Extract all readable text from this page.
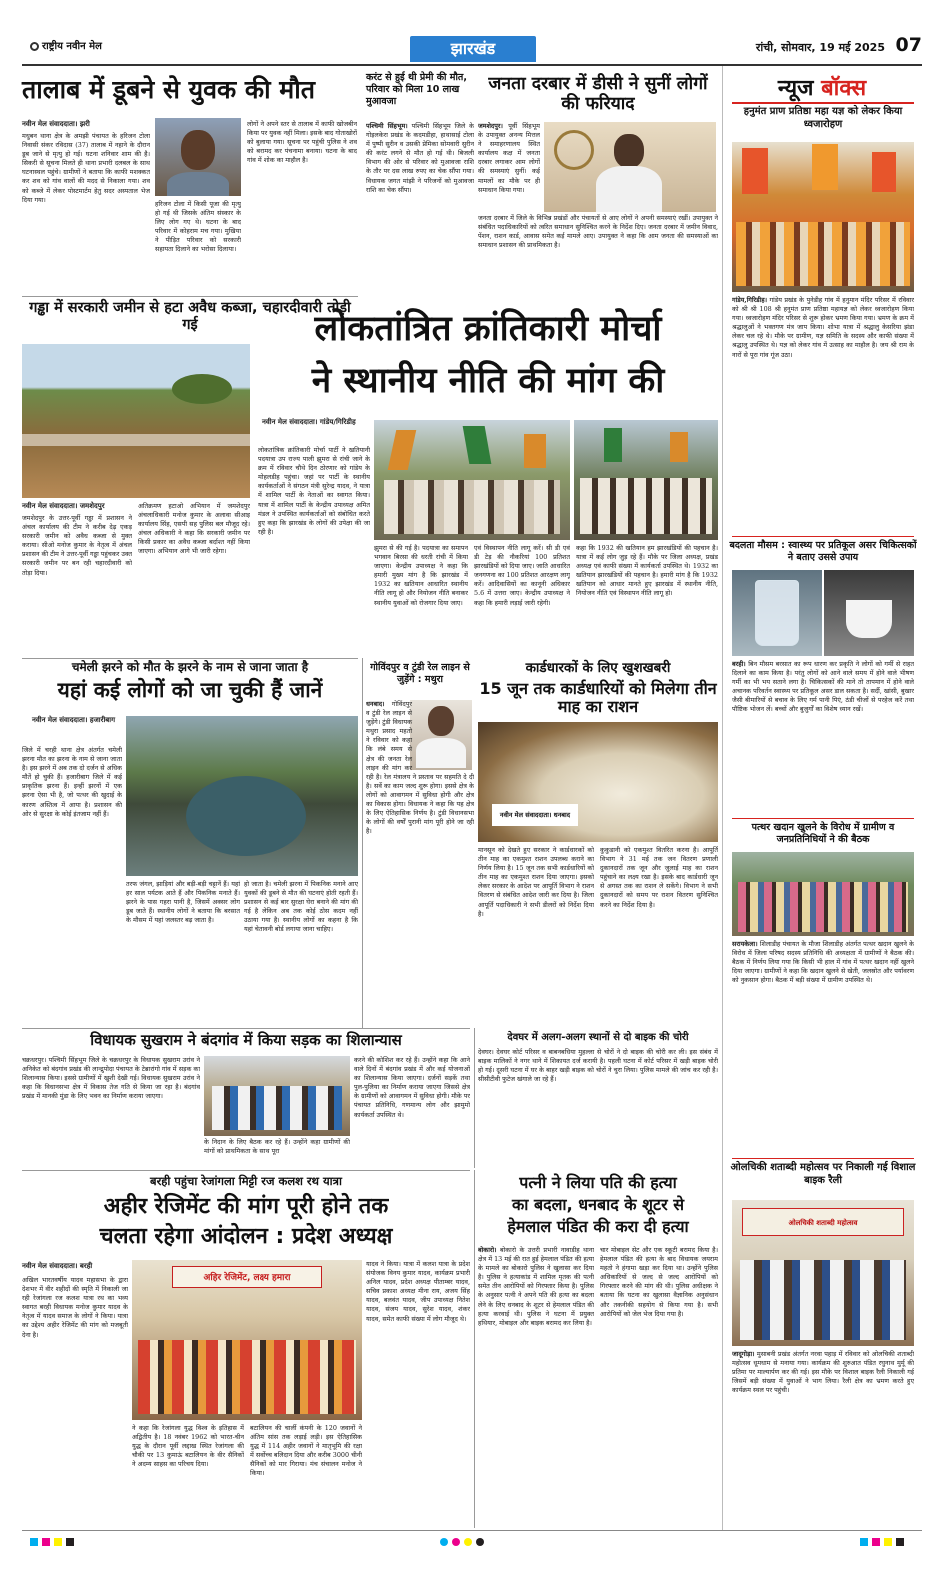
राष्ट्रीय नवीन मेल	झारखंड	रांची, सोमवार, 19 मई 2025 07
तालाब में डूबने से युवक की मौत
नवीन मेल संवाददाता। झरी
मधुबन थाना क्षेत्र के अमझी पंचायत के हरिजन टोला निवासी संकर रविदास (37) तालाब में नहाने के दौरान डूब जाने से मृत्यु हो गई। घटना शनिवार शाम की है। सिकरी से सूचना मिलते ही थाना प्रभारी दलबल के साथ घटनास्थल पहुंचे। ग्रामीणों ने बताया कि काफी मशक्कत कर शव को गांव वालों की मदद से निकाला गया। शव को कब्जे में लेकर पोस्टमार्टम हेतु सदर अस्पताल भेज दिया गया।
हरिजन टोला में किसी पूजा की मृत्यु हो गई थी जिसके अंतिम संस्कार के लिए लोग गए थे। घटना के बाद परिवार में कोहराम मच गया। मुखिया ने पीड़ित परिवार को सरकारी सहायता दिलाने का भरोसा दिलाया।
लोगों ने अपने स्तर से तालाब में काफी खोजबीन किया पर युवक नहीं मिला। इसके बाद गोताखोरों को बुलाया गया। सूचना पर पहुंची पुलिस ने शव को बरामद कर पंचनामा बनाया। घटना के बाद गांव में शोक का माहौल है।
करंट से हुई थी प्रेमी की मौत, परिवार को मिला 10 लाख मुआवजा
पश्चिमी सिंहभूम। पश्चिमी सिंहभूम जिले के गोइलकेरा प्रखंड के कदमडीहा, हाथासाई टोला में पुष्पी सुरीन व उसकी प्रेमिका सोमवारी सुरीन की करंट लगने से मौत हो गई थी। बिजली विभाग की ओर से परिवार को मुआवजा राशि के तौर पर दस लाख रुपए का चेक सौंपा गया। विधायक जगत मांझी ने परिजनों को मुआवजा राशि का चेक सौंपा।
जनता दरबार में डीसी ने सुनीं लोगों की फरियाद
जमशेदपुर। पूर्वी सिंहभूम के उपायुक्त अनन्य मित्तल ने समाहरणालय स्थित कार्यालय कक्ष में जनता दरबार लगाकर आम लोगों की समस्याएं सुनीं। कई मामलों का मौके पर ही समाधान किया गया।
जनता दरबार में जिले के विभिन्न प्रखंडों और पंचायतों से आए लोगों ने अपनी समस्याएं रखीं। उपायुक्त ने संबंधित पदाधिकारियों को त्वरित समाधान सुनिश्चित करने के निर्देश दिए। जनता दरबार में जमीन विवाद, पेंशन, राशन कार्ड, आवास समेत कई मामले आए। उपायुक्त ने कहा कि आम जनता की समस्याओं का समाधान प्रशासन की प्राथमिकता है।
गड्ढा में सरकारी जमीन से हटा अवैध कब्जा, चहारदीवारी तोड़ी गई
नवीन मेल संवाददाता। जमशेदपुर
जमशेदपुर के उत्तर-पूर्वी गड्ढा में प्रशासन ने अंचल कार्यालय की टीम ने करीब देढ़ एकड़ सरकारी जमीन को अवैध कब्जा से मुक्त कराया। सीओ मनोज कुमार के नेतृत्व में अंचल प्रशासन की टीम ने उत्तर-पूर्वी गड्ढा पहुंचकर उक्त सरकारी जमीन पर बन रही चहारदीवारी को तोड़ा दिया।
अतिक्रमण हटाओ अभियान में जमशेदपुर अंचलाधिकारी मनोज कुमार के अलावा सीआइ कार्यालय सिंह, एसपी सह पुलिस बल मौजूद रहे। अंचल अधिकारी ने कहा कि सरकारी जमीन पर किसी प्रकार का अवैध कब्जा बर्दाश्त नहीं किया जाएगा। अभियान आगे भी जारी रहेगा।
लोकतांत्रित क्रांतिकारी मोर्चा
ने स्थानीय नीति की मांग की
नवीन मेल संवाददाता। गांडेय/गिरिडीह
लोकतांत्रिक क्रांतिकारी मोर्चा पार्टी ने खतियानी पदयात्रा उप राज्य पाली झुमरा से रांची जाने के क्रम में रविवार चौथे दिन ठोरणार को गांडेय के मोहलडीह पहुंचा। जहां पर पार्टी के स्थानीय कार्यकर्ताओं ने संगठन मंत्री सुरेन्द्र यादव, ने यात्रा में शामिल पार्टी के नेताओं का स्वागत किया। यात्रा में शामिल पार्टी के केन्द्रीय उपाध्यक्ष अमित मंडल ने उपस्थित कार्यकर्ताओं को संबोधित करते हुए कहा कि झारखंड के लोगों की उपेक्षा की जा रही है।
झुमरा से की गई है। पदयात्रा का समापन भगवान बिरसा की धरती रांची में किया जाएगा। केन्द्रीय उपाध्यक्ष ने कहा कि हमारी मुख्य मांग है कि झारखंड में 1932 का खतियान आधारित स्थानीय नीति लागू हो और नियोजन नीति बनाकर स्थानीय युवाओं को रोजगार दिया जाए।
एवं विस्थापन नीति लागू करें। सी डी एवं डी टेड़ की नौकरियां 100 प्रतिशत झारखंडियों को दिया जाए। जाति आधारित जनगणना का 100 प्रतिशत आरक्षण लागू करें। आदिवासियों का कानूनी अधिकार 5.6 में उत्तरा जाए। केन्द्रीय उपाध्यक्ष ने कहा कि हमारी लड़ाई जारी रहेगी।
कहा कि 1932 की खतियान हम झारखंडियों की पहचान है। यात्रा में कई लोग जुड़ रहे हैं। मौके पर जिला अध्यक्ष, प्रखंड अध्यक्ष एवं काफी संख्या में कार्यकर्ता उपस्थित थे। 1932 का खतियान झारखंडियों की पहचान है। हमारी मांग है कि 1932 खतियान को आधार मानते हुए झारखंड में स्थानीय नीति, नियोजन नीति एवं विस्थापन नीति लागू हो।
न्यूज बॉक्स
हनुमंत प्राण प्रतिष्ठा महा यज्ञ को लेकर किया ध्वजारोहण
गांडेय,गिरिडीह। गांडेय प्रखंड के पुनेडीह गांव में हनुमान मंदिर परिसर में रविवार को श्री श्री 108 श्री हनुमंत प्राण प्रतिष्ठा महायज्ञ को लेकर ध्वजारोहण किया गया। ध्वजारोहण मंदिर परिसर से शुरू होकर भ्रमण किया गया। भ्रमण के क्रम में श्रद्धालुओं ने भक्तगण मंत्र जाप किया। शोभा यात्रा में श्रद्धालु केसरिया झंडा लेकर चल रहे थे। मौके पर ग्रामीण, यज्ञ समिति के सदस्य और काफी संख्या में श्रद्धालु उपस्थित थे। यज्ञ को लेकर गांव में उत्साह का माहौल है। जय श्री राम के नारों से पूरा गांव गूंज उठा।
बदलता मौसम : स्वास्थ्य पर प्रतिकूल असर चिकित्सकों ने बताए उससे उपाय
बरही। बिन मौसम बरसात का रूप धारण कर प्रकृति ने लोगों को गर्मी से राहत दिलाने का काम किया है। परंतु लोगों को आने वाले समय में होने वाले भीषण गर्मी का भी भय सताने लगा है। चिकित्सकों की माने तो तापमान में होने वाले अचानक परिवर्तन स्वास्थ्य पर प्रतिकूल असर डाल सकता है। सर्दी, खांसी, बुखार जैसी बीमारियों से बचाव के लिए गर्म पानी पिएं, ठंडी चीजों से परहेज करें तथा पौष्टिक भोजन लें। बच्चों और बुजुर्गों का विशेष ध्यान रखें।
पत्थर खदान खुलने के विरोध में ग्रामीण व जनप्रतिनिधियों ने की बैठक
सरायकेला। शिलाडीह पंचायत के मौजा शिलाडीह अंतर्गत पत्थर खदान खुलने के विरोध में जिला परिषद सदस्य प्रतिनिधि की अध्यक्षता में ग्रामीणों ने बैठक की। बैठक में निर्णय लिया गया कि किसी भी हाल में गांव में पत्थर खदान नहीं खुलने दिया जाएगा। ग्रामीणों ने कहा कि खदान खुलने से खेती, जलस्रोत और पर्यावरण को नुकसान होगा। बैठक में बड़ी संख्या में ग्रामीण उपस्थित थे।
ओलचिकी शताब्दी महोत्सव पर निकाली गई विशाल बाइक रैली
ओलचिकी शताब्दी महोत्सव
जादूगोड़ा। मुसाबनी प्रखंड अंतर्गत नरवा पहाड़ में रविवार को ओलचिकी शताब्दी महोत्सव धूमधाम से मनाया गया। कार्यक्रम की शुरुआत पंडित रघुनाथ मुर्मू की प्रतिमा पर माल्यार्पण कर की गई। इस मौके पर विशाल बाइक रैली निकाली गई जिसमें बड़ी संख्या में युवाओं ने भाग लिया। रैली क्षेत्र का भ्रमण करते हुए कार्यक्रम स्थल पर पहुंची।
चमेली झरने को मौत के झरने के नाम से जाना जाता है
यहां कई लोगों को जा चुकी हैं जानें
नवीन मेल संवाददाता। हजारीबाग
जिले में चरही थाना क्षेत्र अंतर्गत चमेली झरना मौत का झरना के नाम से जाना जाता है। इस झरने में अब तक दो दर्जन से अधिक मौतें हो चुकी हैं। हजारीबाग जिले में कई प्राकृतिक झरना हैं। इन्हीं झरनों में एक झरना ऐसा भी है, जो पत्थर की खुदाई के कारण अस्तित्व में आया है। प्रशासन की ओर से सुरक्षा के कोई इंतजाम नहीं हैं।
तरफ जंगल, झाड़ियां और बड़ी-बड़ी चट्टानें हैं। यहां हर साल पर्यटक आते हैं और पिकनिक मनाते हैं। झरने के पास गहरा पानी है, जिसमें अक्सर लोग डूब जाते हैं। स्थानीय लोगों ने बताया कि बरसात के मौसम में यहां जलस्तर बढ़ जाता है।
हो जाता है। चमेली झरना में पिकनिक मनाने आए युवकों की डूबने से मौत की घटनाएं होती रहती हैं। प्रशासन से कई बार सुरक्षा घेरा बनाने की मांग की गई है लेकिन अब तक कोई ठोस कदम नहीं उठाया गया है। स्थानीय लोगों का कहना है कि यहां चेतावनी बोर्ड लगाया जाना चाहिए।
गोविंदपुर व टुंडी रेल लाइन से जुड़ेंगे : मथुरा
धनबाद। गोविंदपुर व टुंडी रेल लाइन से जुड़ेंगे। टुंडी विधायक मथुरा प्रसाद महतो ने रविवार को कहा कि लंबे समय से क्षेत्र की जनता रेल लाइन की मांग कर रही है। रेल मंत्रालय ने प्रस्ताव पर सहमति दे दी है। सर्वे का काम जल्द शुरू होगा। इससे क्षेत्र के लोगों को आवागमन में सुविधा होगी और क्षेत्र का विकास होगा। विधायक ने कहा कि यह क्षेत्र के लिए ऐतिहासिक निर्णय है। टुंडी विधानसभा के लोगों की वर्षों पुरानी मांग पूरी होने जा रही है।
कार्डधारकों के लिए खुशखबरी
15 जून तक कार्डधारियों को मिलेगा तीन माह का राशन
नवीन मेल संवाददाता। धनबाद
मानसून को देखते हुए सरकार ने कार्डधारकों को तीन माह का एकमुश्त राशन उपलब्ध कराने का निर्णय लिया है। 15 जून तक सभी कार्डधारियों को तीन माह का एकमुश्त राशन दिया जाएगा। इसको लेकर सरकार के आदेश पर आपूर्ति विभाग ने राशन वितरण से संबंधित आदेश जारी कर दिया है। जिला आपूर्ति पदाधिकारी ने सभी डीलरों को निर्देश दिया है।
कुकुडानी को एकमुश्त वितरित करना है। आपूर्ति विभाग ने 31 मई तक जन वितरण प्रणाली दुकानदारों तक जून और जुलाई माह का राशन पहुंचाने का लक्ष्य रखा है। इसके बाद कार्डधारी जून से अगस्त तक का राशन ले सकेंगे। विभाग ने सभी दुकानदारों को समय पर राशन वितरण सुनिश्चित करने का निर्देश दिया है।
विधायक सुखराम ने बंदगांव में किया सड़क का शिलान्यास
चक्रधरपुर। पश्चिमी सिंहभूम जिले के चक्रधरपुर के विधायक सुखराम उरांव ने अनिकेत को बंदगांव प्रखंड की लान्द्रुपोदा पंचायत के टेब्रारांगो गांव में सड़क का शिलान्यास किया। इससे ग्रामीणों में खुशी देखी गई। विधायक सुखराम उरांव ने कहा कि विधानसभा क्षेत्र में विकास तेज गति से किया जा रहा है। बंदगांव प्रखंड में मानकी मुंडा के लिए भवन का निर्माण कराया जाएगा।
के निदान के लिए बैठक कर रहे हैं। उन्होंने कहा ग्रामीणों की मांगों को प्राथमिकता के साथ पूरा
करने की कोशिश कर रहे हैं। उन्होंने कहा कि आने वाले दिनों में बंदगांव प्रखंड में और कई योजनाओं का शिलान्यास किया जाएगा। दर्जनों सड़कें तथा पुल-पुलिया का निर्माण कराया जाएगा जिससे क्षेत्र के ग्रामीणों को आवागमन में सुविधा होगी। मौके पर पंचायत प्रतिनिधि, गणमान्य लोग और झामुमो कार्यकर्ता उपस्थित थे।
देवघर में अलग-अलग स्थानों से दो बाइक की चोरी
देवघर। देवघर कोर्ट परिसर व बाबनबधिया मुहल्ला से चोरों ने दो बाइक की चोरी कर ली। इस संबंध में बाइक मालिकों ने नगर थाने में शिकायत दर्ज करायी है। पहली घटना में कोर्ट परिसर में खड़ी बाइक चोरी हो गई। दूसरी घटना में घर के बाहर खड़ी बाइक को चोरों ने चुरा लिया। पुलिस मामले की जांच कर रही है। सीसीटीवी फुटेज खंगाले जा रहे हैं।
बरही पहुंचा रेजांगला मिट्टी रज कलश रथ यात्रा
अहीर रेजिमेंट की मांग पूरी होने तक
चलता रहेगा आंदोलन : प्रदेश अध्यक्ष
नवीन मेल संवाददाता। बरही
अखिल भारतवर्षीय यादव महासभा के द्वारा देशभर में वीर शहीदों की स्मृति में निकाली जा रही रेजांगला रज कलश यात्रा रथ का भव्य स्वागत बरही विधायक मनोज कुमार यादव के नेतृत्व में यादव समाज के लोगों ने किया। यात्रा का उद्देश्य अहीर रेजिमेंट की मांग को मजबूती देना है।
अहिर रेजिमेंट, लक्ष्य हमारा
ने कहा कि रेजांगला युद्ध विश्व के इतिहास में अद्वितीय है। 18 नवंबर 1962 को भारत-चीन युद्ध के दौरान पूर्वी लद्दाख स्थित रेजांगला की चौकी पर 13 कुमाऊं बटालियन के वीर सैनिकों ने अदम्य साहस का परिचय दिया।
बटालियन की चार्ली कंपनी के 120 जवानों ने अंतिम सांस तक लड़ाई लड़ी। इस ऐतिहासिक युद्ध में 114 अहीर जवानों ने मातृभूमि की रक्षा में सर्वोच्च बलिदान दिया और करीब 3000 चीनी सैनिकों को मार गिराया। मंच संचालन मनोज ने किया।
यादव ने किया। यात्रा में कलश यात्रा के प्रदेश संयोजक विनय कुमार यादव, कार्यक्रम प्रभारी अनिल यादव, प्रदेश अध्यक्ष पीताम्बर यादव, सचिव प्रकाश अध्यक्ष मीना राय, अजय सिंह यादव, बलवंत यादव, जीप उपाध्यक्ष नितेश यादव, संजय यादव, सुरेश यादव, शंकर यादव, समेत काफी संख्या में लोग मौजूद थे।
पत्नी ने लिया पति की हत्या
का बदला, धनबाद के शूटर से
हेमलाल पंडित की करा दी हत्या
बोकारो। बोकारो के उत्तरी प्रभारी नावाडीह थाना क्षेत्र में 13 मई की रात हुई हेमलाल पंडित की हत्या के मामले का बोकारो पुलिस ने खुलासा कर दिया है। पुलिस ने हत्याकांड में शामिल मृतक की पत्नी समेत तीन आरोपियों को गिरफ्तार किया है। पुलिस के अनुसार पत्नी ने अपने पति की हत्या का बदला लेने के लिए धनबाद के शूटर से हेमलाल पंडित की हत्या करवाई थी। पुलिस ने घटना में प्रयुक्त हथियार, मोबाइल और बाइक बरामद कर लिया है।
चार मोबाइल सेट और एक स्कूटी बरामद किया है। हेमलाल पंडित की हत्या के बाद विधायक जयराम महतो ने हंगामा खड़ा कर दिया था। उन्होंने पुलिस अधिकारियों से जल्द से जल्द आरोपियों को गिरफ्तार करने की मांग की थी। पुलिस अधीक्षक ने बताया कि घटना का खुलासा वैज्ञानिक अनुसंधान और तकनीकी सहयोग से किया गया है। सभी आरोपियों को जेल भेज दिया गया है।
